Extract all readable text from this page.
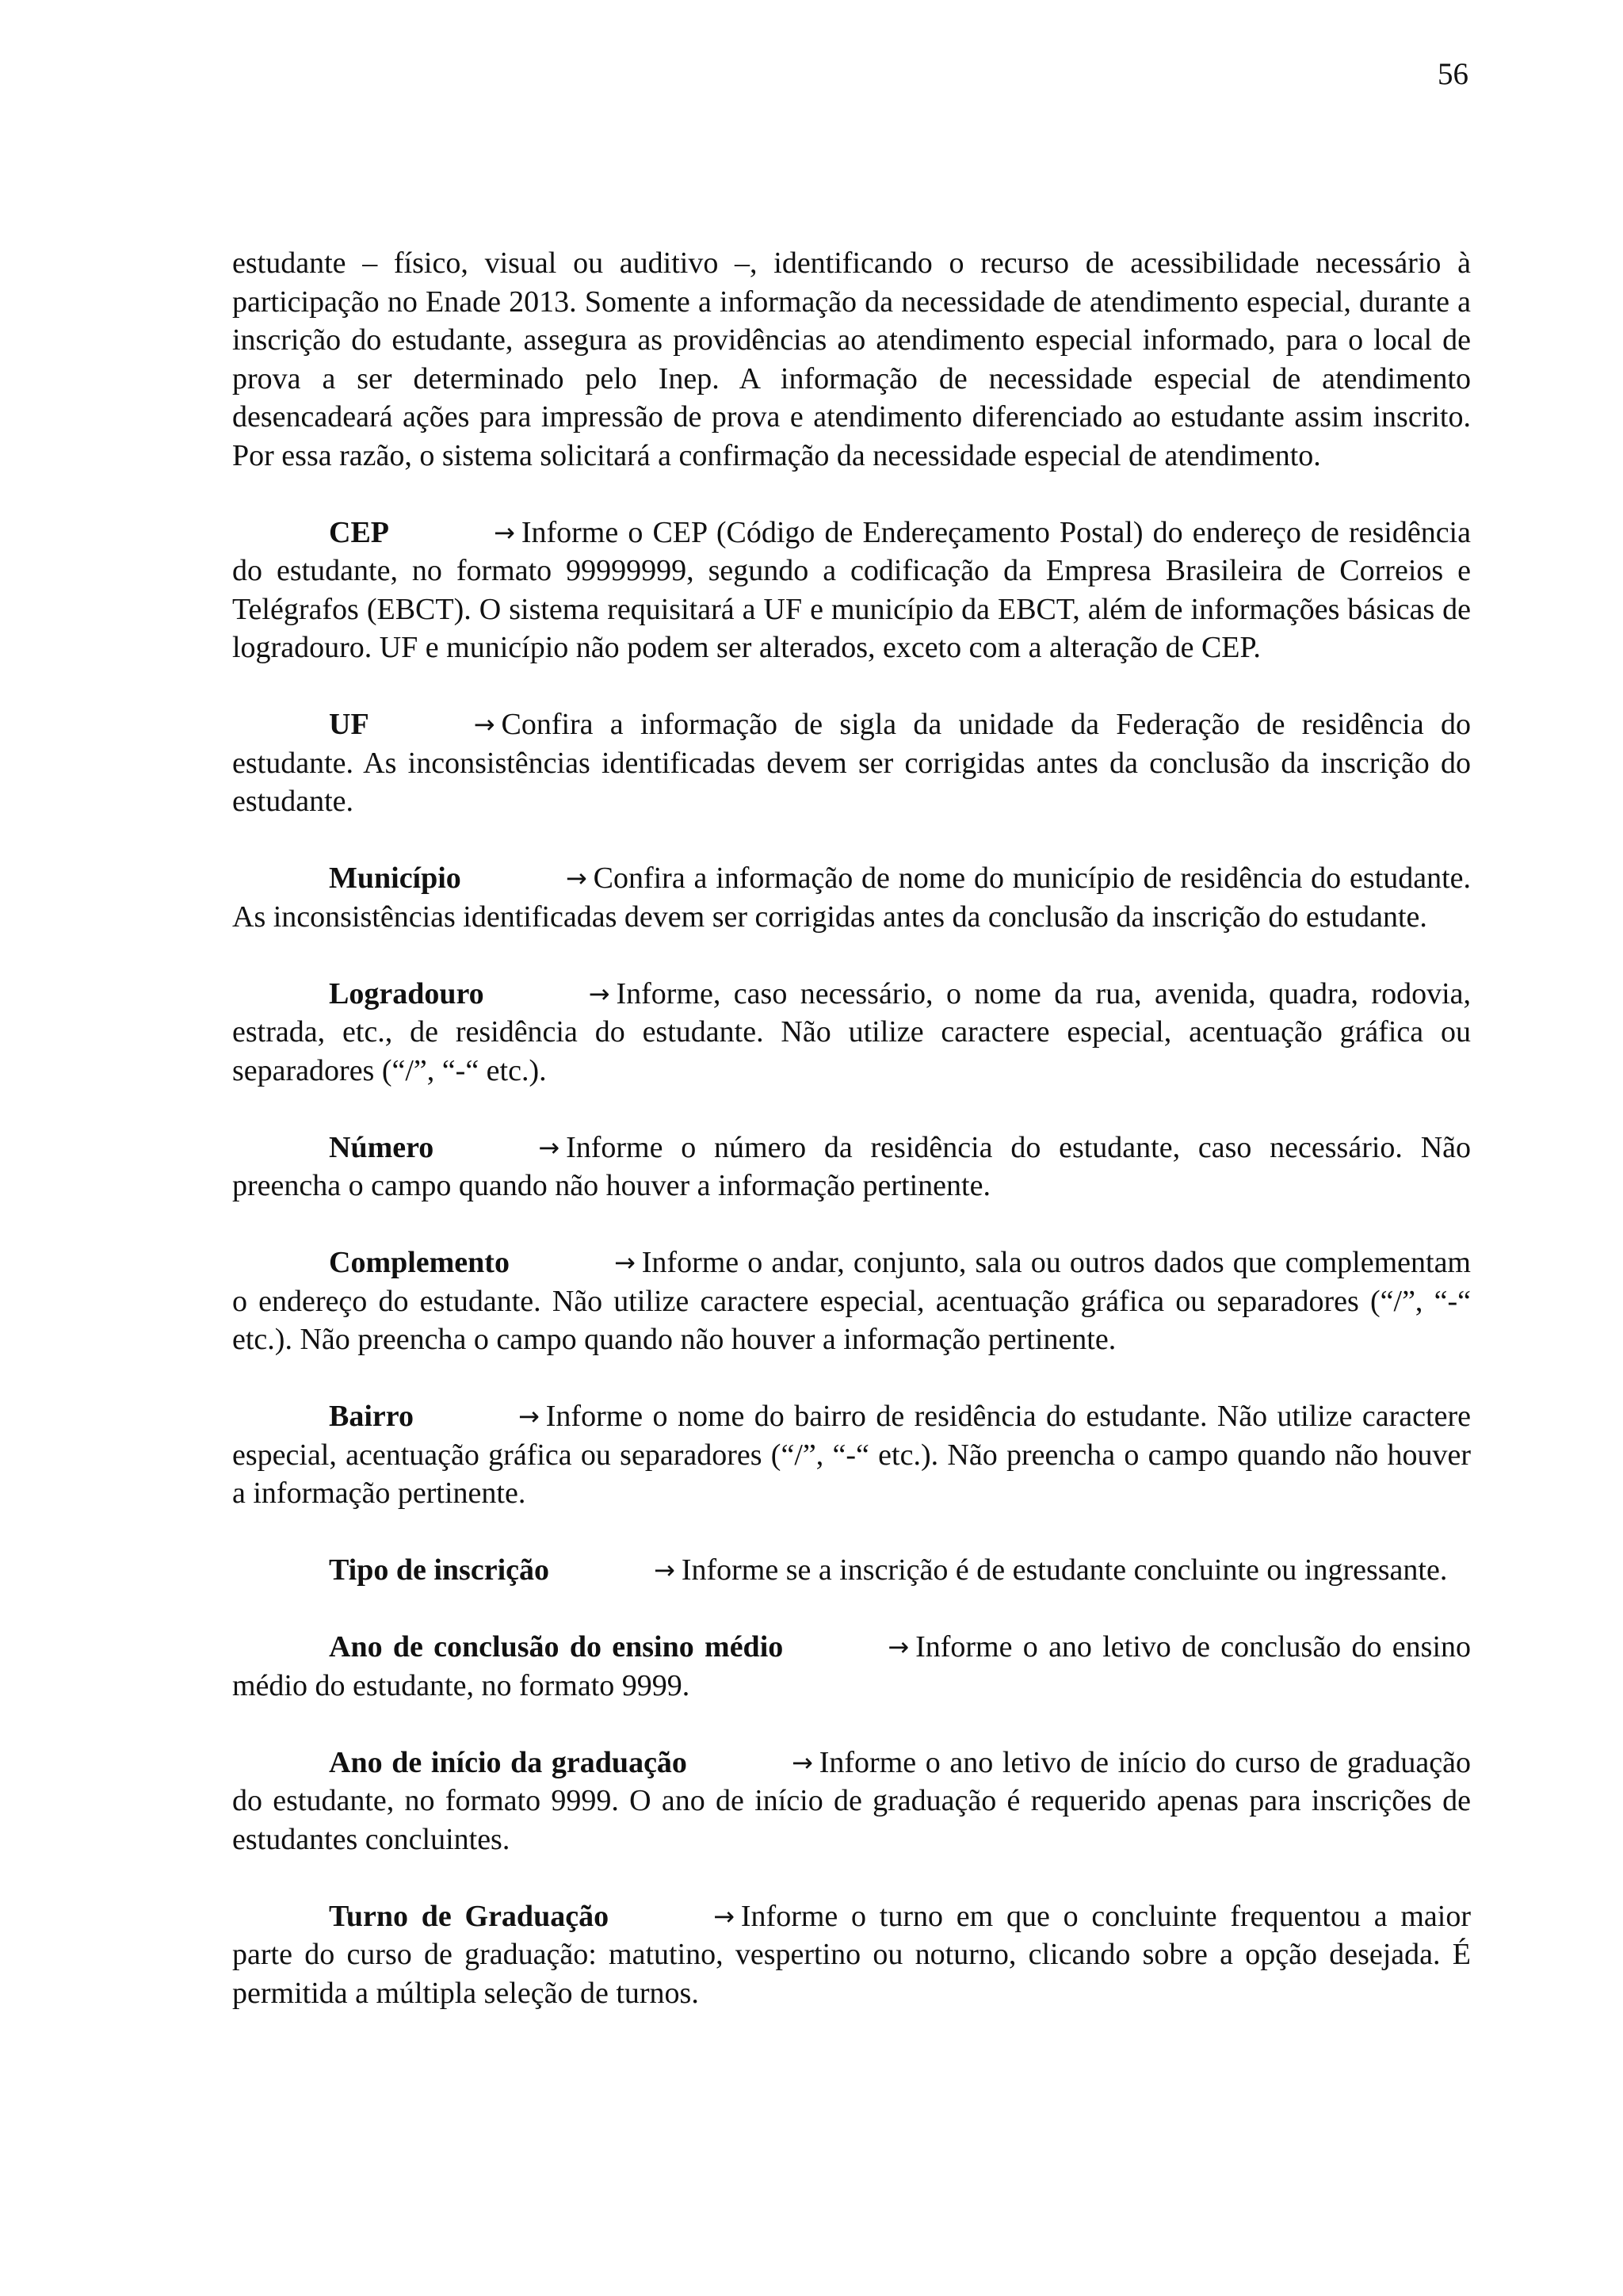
56

estudante – físico, visual ou auditivo –, identificando o recurso de acessibilidade necessário à participação no Enade 2013. Somente a informação da necessidade de atendimento especial, durante a inscrição do estudante, assegura as providências ao atendimento especial informado, para o local de prova a ser determinado pelo Inep. A informação de necessidade especial de atendimento desencadeará ações para impressão de prova e atendimento diferenciado ao estudante assim inscrito. Por essa razão, o sistema solicitará a confirmação da necessidade especial de atendimento.

CEP	→ Informe o CEP (Código de Endereçamento Postal) do endereço de residência do estudante, no formato 99999999, segundo a codificação da Empresa Brasileira de Correios e Telégrafos (EBCT). O sistema requisitará a UF e município da EBCT, além de informações básicas de logradouro. UF e município não podem ser alterados, exceto com a alteração de CEP.

UF	→ Confira a informação de sigla da unidade da Federação de residência do estudante. As inconsistências identificadas devem ser corrigidas antes da conclusão da inscrição do estudante.

Município	→ Confira a informação de nome do município de residência do estudante. As inconsistências identificadas devem ser corrigidas antes da conclusão da inscrição do estudante.

Logradouro	→ Informe, caso necessário, o nome da rua, avenida, quadra, rodovia, estrada, etc., de residência do estudante. Não utilize caractere especial, acentuação gráfica ou separadores (“/”, “-“ etc.).

Número	→ Informe o número da residência do estudante, caso necessário. Não preencha o campo quando não houver a informação pertinente.

Complemento	→ Informe o andar, conjunto, sala ou outros dados que complementam o endereço do estudante. Não utilize caractere especial, acentuação gráfica ou separadores (“/”, “-“ etc.). Não preencha o campo quando não houver a informação pertinente.

Bairro	→ Informe o nome do bairro de residência do estudante. Não utilize caractere especial, acentuação gráfica ou separadores (“/”, “-“ etc.). Não preencha o campo quando não houver a informação pertinente.

Tipo de inscrição	→ Informe se a inscrição é de estudante concluinte ou ingressante.

Ano de conclusão do ensino médio	→ Informe o ano letivo de conclusão do ensino médio do estudante, no formato 9999.

Ano de início da graduação	→ Informe o ano letivo de início do curso de graduação do estudante, no formato 9999. O ano de início de graduação é requerido apenas para inscrições de estudantes concluintes.

Turno de Graduação	→ Informe o turno em que o concluinte frequentou a maior parte do curso de graduação: matutino, vespertino ou noturno, clicando sobre a opção desejada. É permitida a múltipla seleção de turnos.
